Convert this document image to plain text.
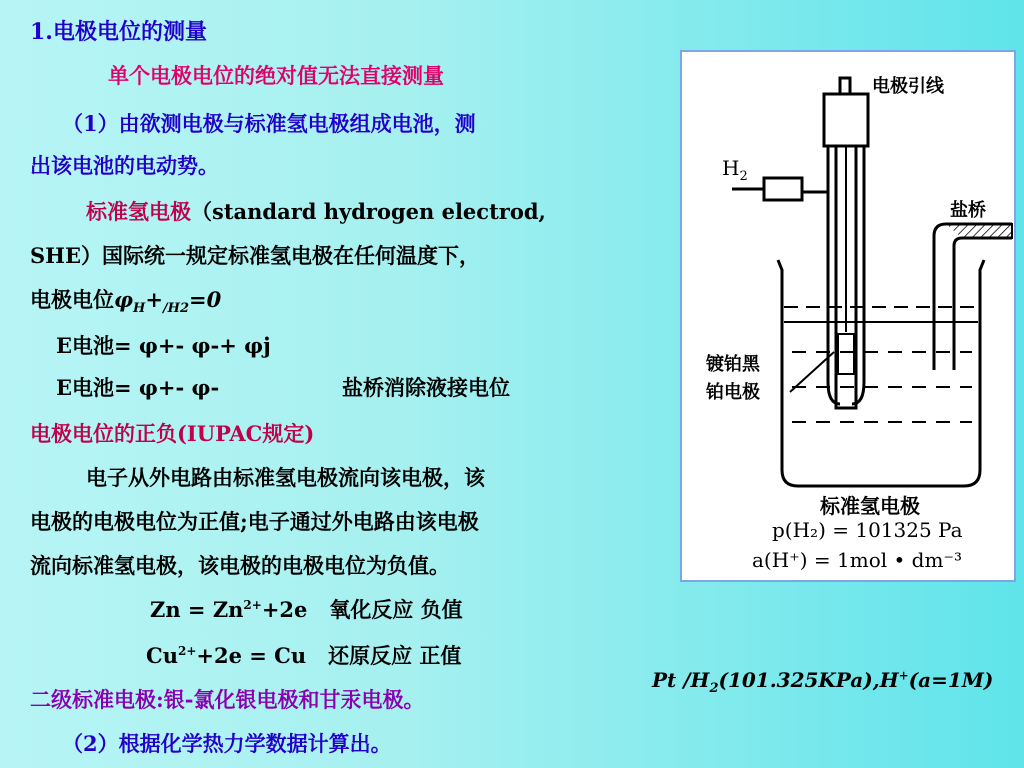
1.电极电位的测量
单个电极电位的绝对值无法直接测量
（1）由欲测电极与标准氢电极组成电池，测
出该电池的电动势。
标准氢电极（standard hydrogen electrod,
SHE）国际统一规定标准氢电极在任何温度下，
电极电位$\varphi_H+_{/H2}=0$
E电池= φ+- φ-+ φj
E电池= φ+- φ-	盐桥消除液接电位
电极电位的正负(IUPAC规定)
电子从外电路由标准氢电极流向该电极，该
电极的电极电位为正值;电子通过外电路由该电极
流向标准氢电极，该电极的电极电位为负值。
$Zn = Zn^{2+}+2e$   氧化反应 负值
$Cu^{2+}+2e = Cu$   还原反应 正值
二级标准电极:银-氯化银电极和甘汞电极。
（2）根据化学热力学数据计算出。
电极引线
$H_2$
盐桥
镀铂黑
铂电极
标准氢电极
p(H₂) = 101325 Pa
a(H⁺) = 1mol • dm⁻³
Pt $/H_2(101.325KPa),H^+(a=1M)$
